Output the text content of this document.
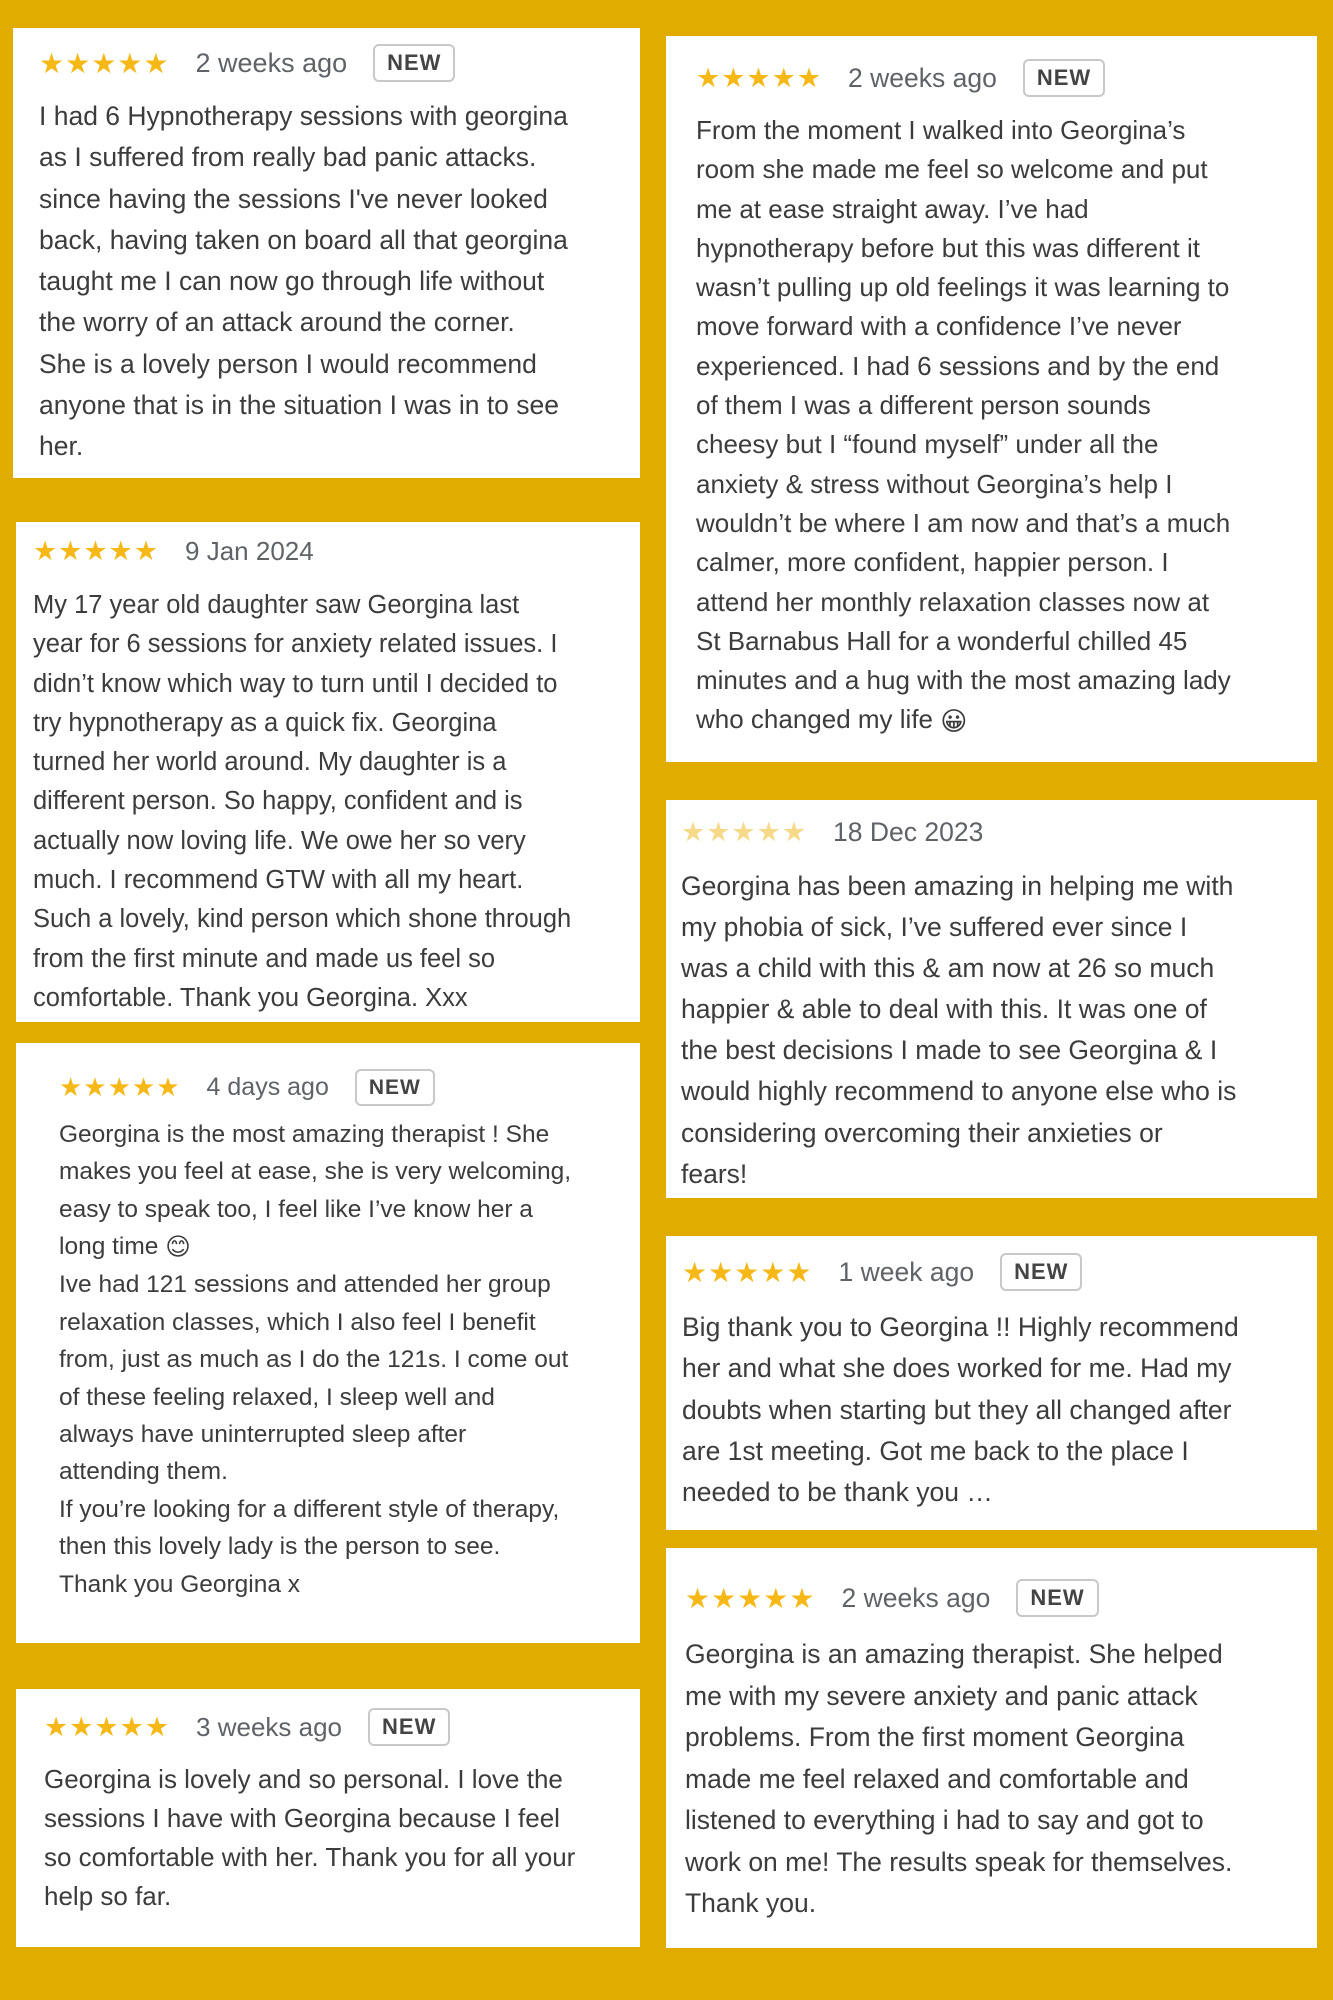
★★★★★ 2 weeks ago	NEW

I had 6 Hypnotherapy sessions with georgina
as I suffered from really bad panic attacks.
since having the sessions I've never looked
back, having taken on board all that georgina
taught me I can now go through life without
the worry of an attack around the corner.
She is a lovely person I would recommend
anyone that is in the situation I was in to see
her.

★★★★★ 9 Jan 2024

My 17 year old daughter saw Georgina last
year for 6 sessions for anxiety related issues. I
didn’t know which way to turn until I decided to
try hypnotherapy as a quick fix. Georgina
turned her world around. My daughter is a
different person. So happy, confident and is
actually now loving life. We owe her so very
much. I recommend GTW with all my heart.
Such a lovely, kind person which shone through
from the first minute and made us feel so
comfortable. Thank you Georgina. Xxx

★★★★★ 4 days ago	NEW

Georgina is the most amazing therapist ! She
makes you feel at ease, she is very welcoming,
easy to speak too, I feel like I’ve know her a
long time 😊
Ive had 121 sessions and attended her group
relaxation classes, which I also feel I benefit
from, just as much as I do the 121s. I come out
of these feeling relaxed, I sleep well and
always have uninterrupted sleep after
attending them.
If you’re looking for a different style of therapy,
then this lovely lady is the person to see.
Thank you Georgina x

★★★★★ 3 weeks ago	NEW

Georgina is lovely and so personal. I love the
sessions I have with Georgina because I feel
so comfortable with her. Thank you for all your
help so far.

★★★★★ 2 weeks ago	NEW

From the moment I walked into Georgina’s
room she made me feel so welcome and put
me at ease straight away. I’ve had
hypnotherapy before but this was different it
wasn’t pulling up old feelings it was learning to
move forward with a confidence I’ve never
experienced. I had 6 sessions and by the end
of them I was a different person sounds
cheesy but I “found myself” under all the
anxiety & stress without Georgina’s help I
wouldn’t be where I am now and that’s a much
calmer, more confident, happier person. I
attend her monthly relaxation classes now at
St Barnabus Hall for a wonderful chilled 45
minutes and a hug with the most amazing lady
who changed my life 😀

★★★★★ 18 Dec 2023

Georgina has been amazing in helping me with
my phobia of sick, I’ve suffered ever since I
was a child with this & am now at 26 so much
happier & able to deal with this. It was one of
the best decisions I made to see Georgina & I
would highly recommend to anyone else who is
considering overcoming their anxieties or
fears!

★★★★★ 1 week ago	NEW

Big thank you to Georgina !! Highly recommend
her and what she does worked for me. Had my
doubts when starting but they all changed after
are 1st meeting. Got me back to the place I
needed to be thank you …

★★★★★ 2 weeks ago	NEW

Georgina is an amazing therapist. She helped
me with my severe anxiety and panic attack
problems. From the first moment Georgina
made me feel relaxed and comfortable and
listened to everything i had to say and got to
work on me! The results speak for themselves.
Thank you.
